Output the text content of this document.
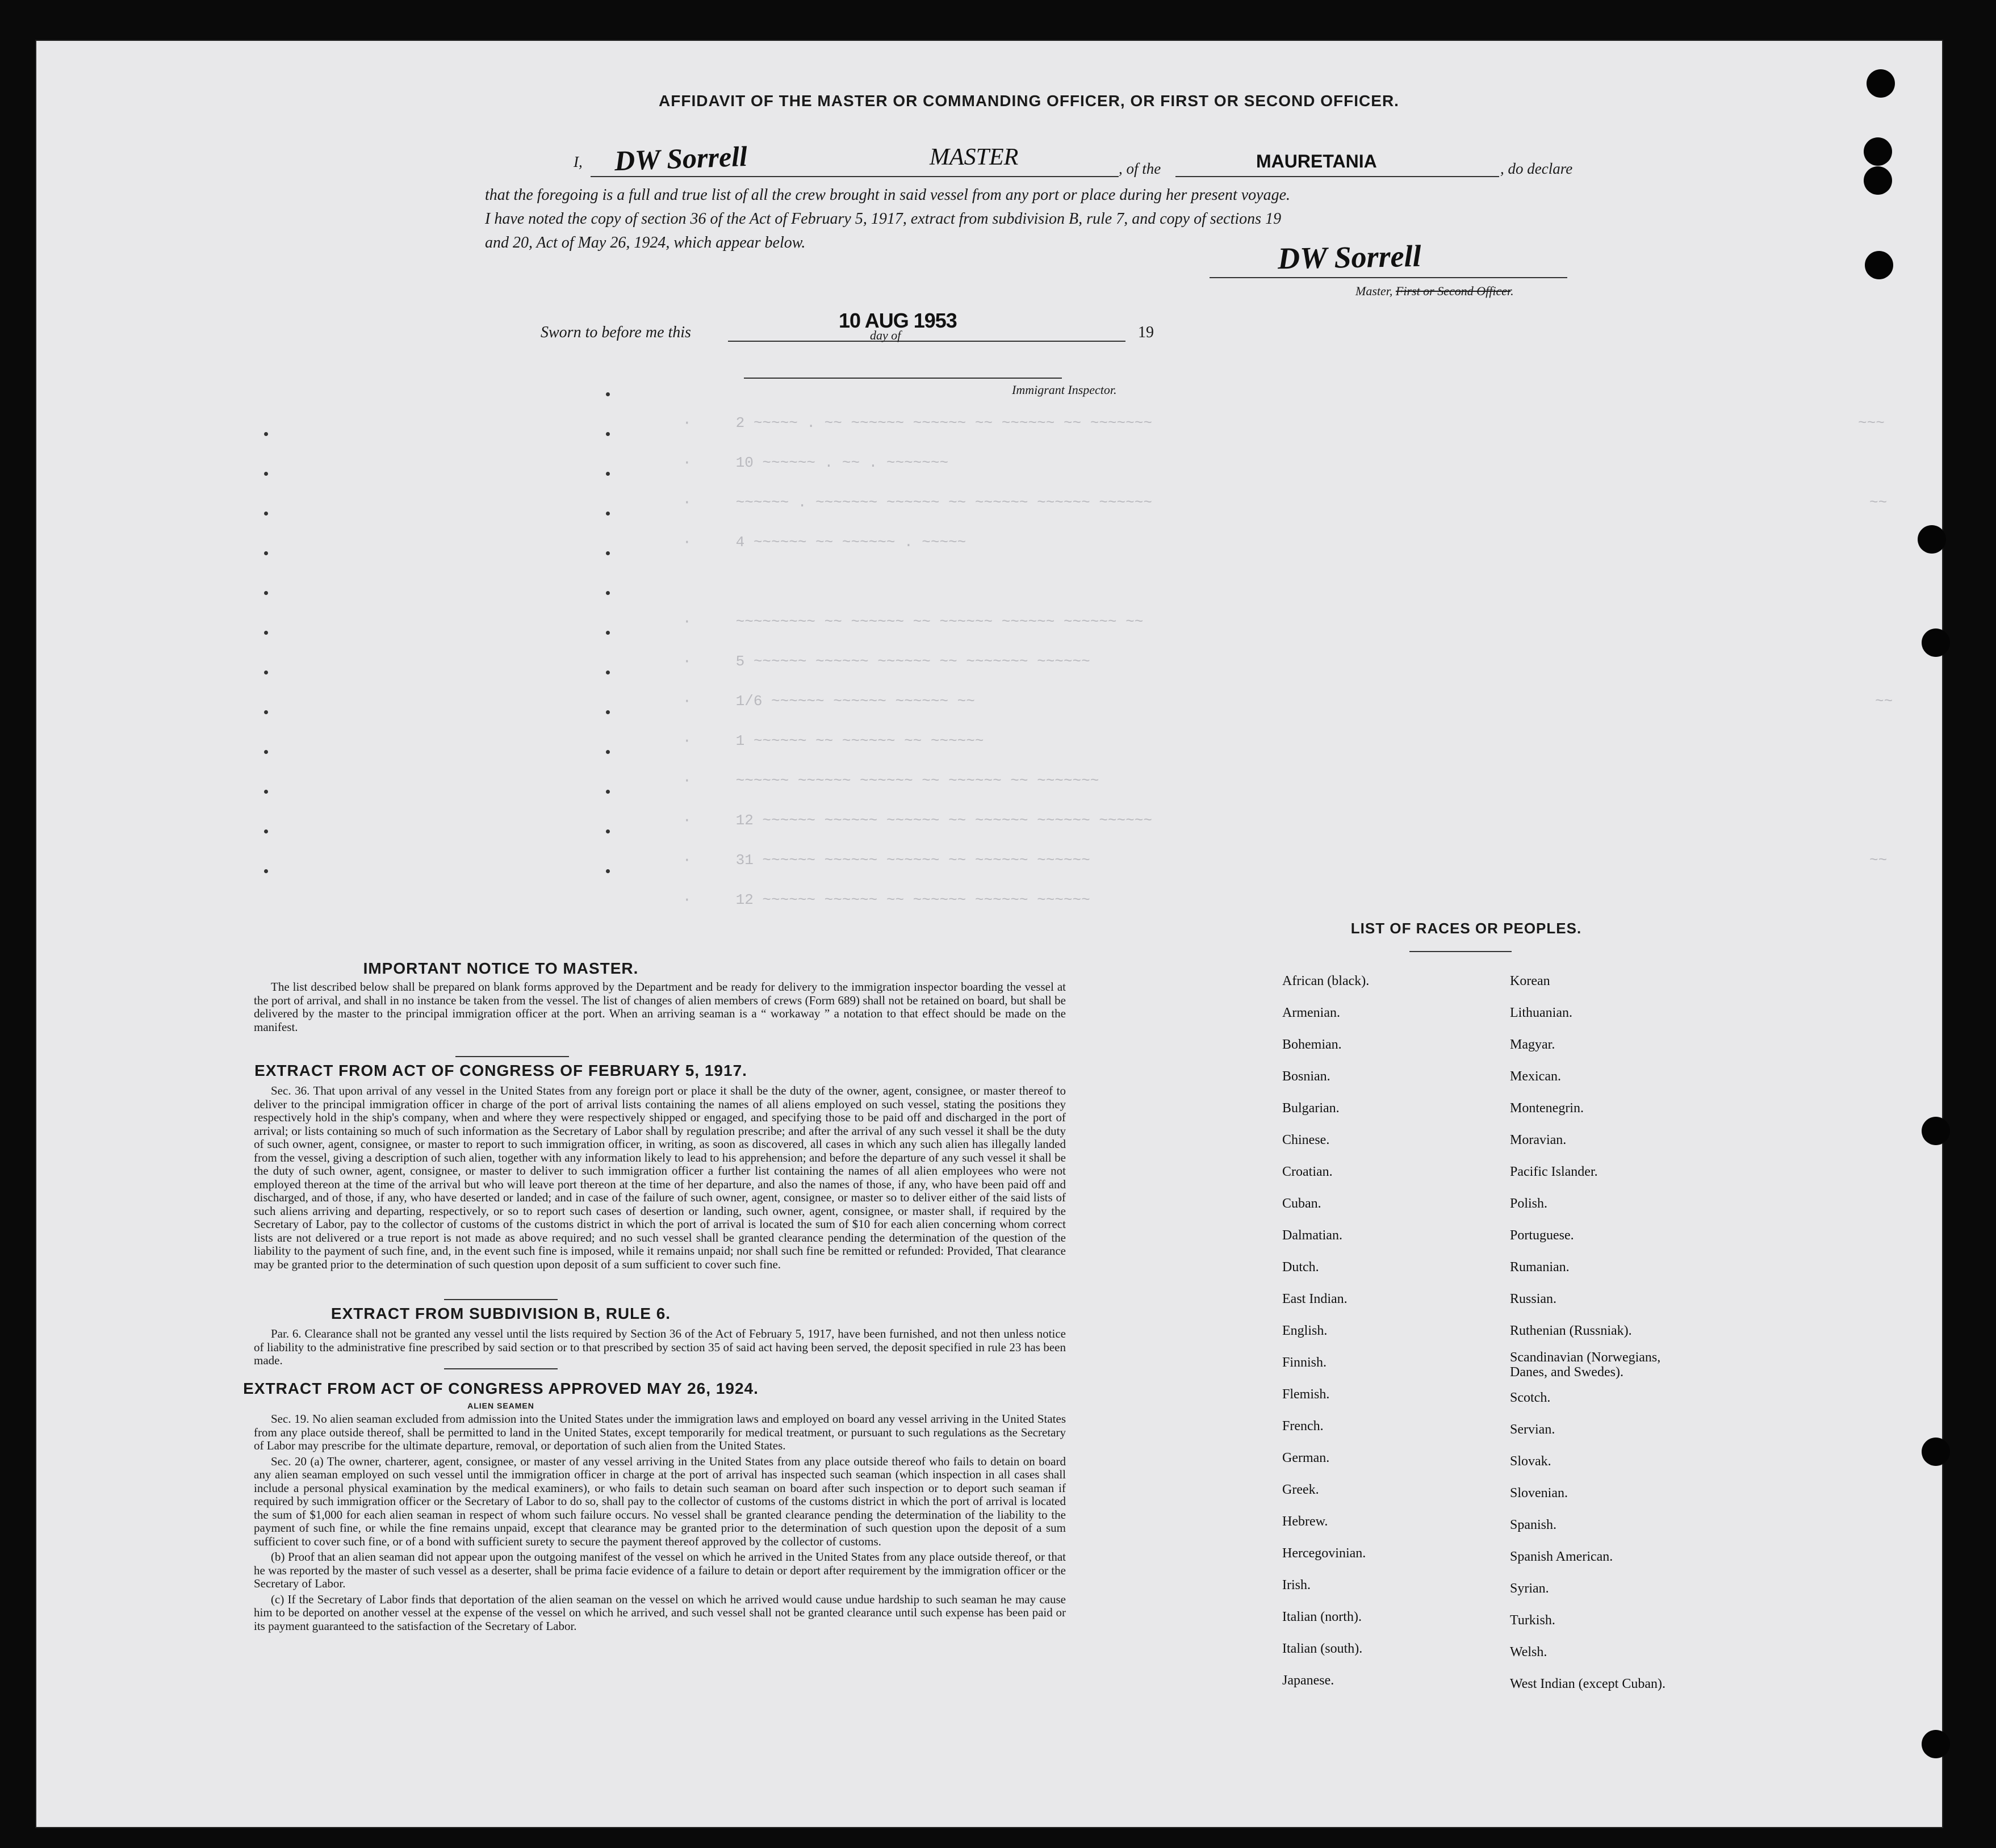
·     2 ~~~~~ . ~~ ~~~~~~ ~~~~~~ ~~ ~~~~~~ ~~ ~~~~~~~
·     10 ~~~~~~ . ~~ . ~~~~~~~
·     ~~~~~~ . ~~~~~~~ ~~~~~~ ~~ ~~~~~~ ~~~~~~ ~~~~~~
·     4 ~~~~~~ ~~ ~~~~~~ . ~~~~~
·     ~~~~~~~~~ ~~ ~~~~~~ ~~ ~~~~~~ ~~~~~~ ~~~~~~ ~~
·     5 ~~~~~~ ~~~~~~ ~~~~~~ ~~ ~~~~~~~ ~~~~~~
·     1/6 ~~~~~~ ~~~~~~ ~~~~~~ ~~
·     1 ~~~~~~ ~~ ~~~~~~ ~~ ~~~~~~
·     ~~~~~~ ~~~~~~ ~~~~~~ ~~ ~~~~~~ ~~ ~~~~~~~
·     12 ~~~~~~ ~~~~~~ ~~~~~~ ~~ ~~~~~~ ~~~~~~ ~~~~~~
·     31 ~~~~~~ ~~~~~~ ~~~~~~ ~~ ~~~~~~ ~~~~~~
·     12 ~~~~~~ ~~~~~~ ~~ ~~~~~~ ~~~~~~ ~~~~~~
~~~
~~
~~
~~
AFFIDAVIT OF THE MASTER OR COMMANDING OFFICER, OR FIRST OR SECOND OFFICER.
I, DW Sorrell	MASTER	, of the	MAURETANIA	, do declare
that the foregoing is a full and true list of all the crew brought in said vessel from any port or place during her present voyage.
I have noted the copy of section 36 of the Act of February 5, 1917, extract from subdivision B, rule 7, and copy of sections 19
and 20, Act of May 26, 1924, which appear below.	DW Sorrell
Master, First or Second Officer.
Sworn to before me this
10 AUG 1953
day of	19
Immigrant Inspector.
IMPORTANT NOTICE TO MASTER.

The list described below shall be prepared on blank forms approved by the Department and be ready for delivery to the immigration inspector boarding the vessel at the port of arrival, and shall in no instance be taken from the vessel. The list of changes of alien members of crews (Form 689) shall not be retained on board, but shall be delivered by the master to the principal immigration officer at the port. When an arriving seaman is a “ workaway ” a notation to that effect should be made on the manifest.

EXTRACT FROM ACT OF CONGRESS OF FEBRUARY 5, 1917.

Sec. 36. That upon arrival of any vessel in the United States from any foreign port or place it shall be the duty of the owner, agent, consignee, or master thereof to deliver to the principal immigration officer in charge of the port of arrival lists containing the names of all aliens employed on such vessel, stating the positions they respectively hold in the ship's company, when and where they were respectively shipped or engaged, and specifying those to be paid off and discharged in the port of arrival; or lists containing so much of such information as the Secretary of Labor shall by regulation prescribe; and after the arrival of any such vessel it shall be the duty of such owner, agent, consignee, or master to report to such immigration officer, in writing, as soon as discovered, all cases in which any such alien has illegally landed from the vessel, giving a description of such alien, together with any information likely to lead to his apprehension; and before the departure of any such vessel it shall be the duty of such owner, agent, consignee, or master to deliver to such immigration officer a further list containing the names of all alien employees who were not employed thereon at the time of the arrival but who will leave port thereon at the time of her departure, and also the names of those, if any, who have been paid off and discharged, and of those, if any, who have deserted or landed; and in case of the failure of such owner, agent, consignee, or master so to deliver either of the said lists of such aliens arriving and departing, respectively, or so to report such cases of desertion or landing, such owner, agent, consignee, or master shall, if required by the Secretary of Labor, pay to the collector of customs of the customs district in which the port of arrival is located the sum of $10 for each alien concerning whom correct lists are not delivered or a true report is not made as above required; and no such vessel shall be granted clearance pending the determination of the question of the liability to the payment of such fine, and, in the event such fine is imposed, while it remains unpaid; nor shall such fine be remitted or refunded: Provided, That clearance may be granted prior to the determination of such question upon deposit of a sum sufficient to cover such fine.

EXTRACT FROM SUBDIVISION B, RULE 6.

Par. 6. Clearance shall not be granted any vessel until the lists required by Section 36 of the Act of February 5, 1917, have been furnished, and not then unless notice of liability to the administrative fine prescribed by said section or to that prescribed by section 35 of said act having been served, the deposit specified in rule 23 has been made.

EXTRACT FROM ACT OF CONGRESS APPROVED MAY 26, 1924.
ALIEN SEAMEN

Sec. 19. No alien seaman excluded from admission into the United States under the immigration laws and employed on board any vessel arriving in the United States from any place outside thereof, shall be permitted to land in the United States, except temporarily for medical treatment, or pursuant to such regulations as the Secretary of Labor may prescribe for the ultimate departure, removal, or deportation of such alien from the United States.

Sec. 20 (a) The owner, charterer, agent, consignee, or master of any vessel arriving in the United States from any place outside thereof who fails to detain on board any alien seaman employed on such vessel until the immigration officer in charge at the port of arrival has inspected such seaman (which inspection in all cases shall include a personal physical examination by the medical examiners), or who fails to detain such seaman on board after such inspection or to deport such seaman if required by such immigration officer or the Secretary of Labor to do so, shall pay to the collector of customs of the customs district in which the port of arrival is located the sum of $1,000 for each alien seaman in respect of whom such failure occurs. No vessel shall be granted clearance pending the determination of the liability to the payment of such fine, or while the fine remains unpaid, except that clearance may be granted prior to the determination of such question upon the deposit of a sum sufficient to cover such fine, or of a bond with sufficient surety to secure the payment thereof approved by the collector of customs.

(b) Proof that an alien seaman did not appear upon the outgoing manifest of the vessel on which he arrived in the United States from any place outside thereof, or that he was reported by the master of such vessel as a deserter, shall be prima facie evidence of a failure to detain or deport after requirement by the immigration officer or the Secretary of Labor.

(c) If the Secretary of Labor finds that deportation of the alien seaman on the vessel on which he arrived would cause undue hardship to such seaman he may cause him to be deported on another vessel at the expense of the vessel on which he arrived, and such vessel shall not be granted clearance until such expense has been paid or its payment guaranteed to the satisfaction of the Secretary of Labor.

LIST OF RACES OR PEOPLES.
African (black).
Armenian.
Bohemian.
Bosnian.
Bulgarian.
Chinese.
Croatian.
Cuban.
Dalmatian.
Dutch.
East Indian.
English.
Finnish.
Flemish.
French.
German.
Greek.
Hebrew.
Hercegovinian.
Irish.
Italian (north).
Italian (south).
Japanese.
Korean
Lithuanian.
Magyar.
Mexican.
Montenegrin.
Moravian.
Pacific Islander.
Polish.
Portuguese.
Rumanian.
Russian.
Ruthenian (Russniak).
Scandinavian (Norwegians, Danes, and Swedes).
Scotch.
Servian.
Slovak.
Slovenian.
Spanish.
Spanish American.
Syrian.
Turkish.
Welsh.
West Indian (except Cuban).
